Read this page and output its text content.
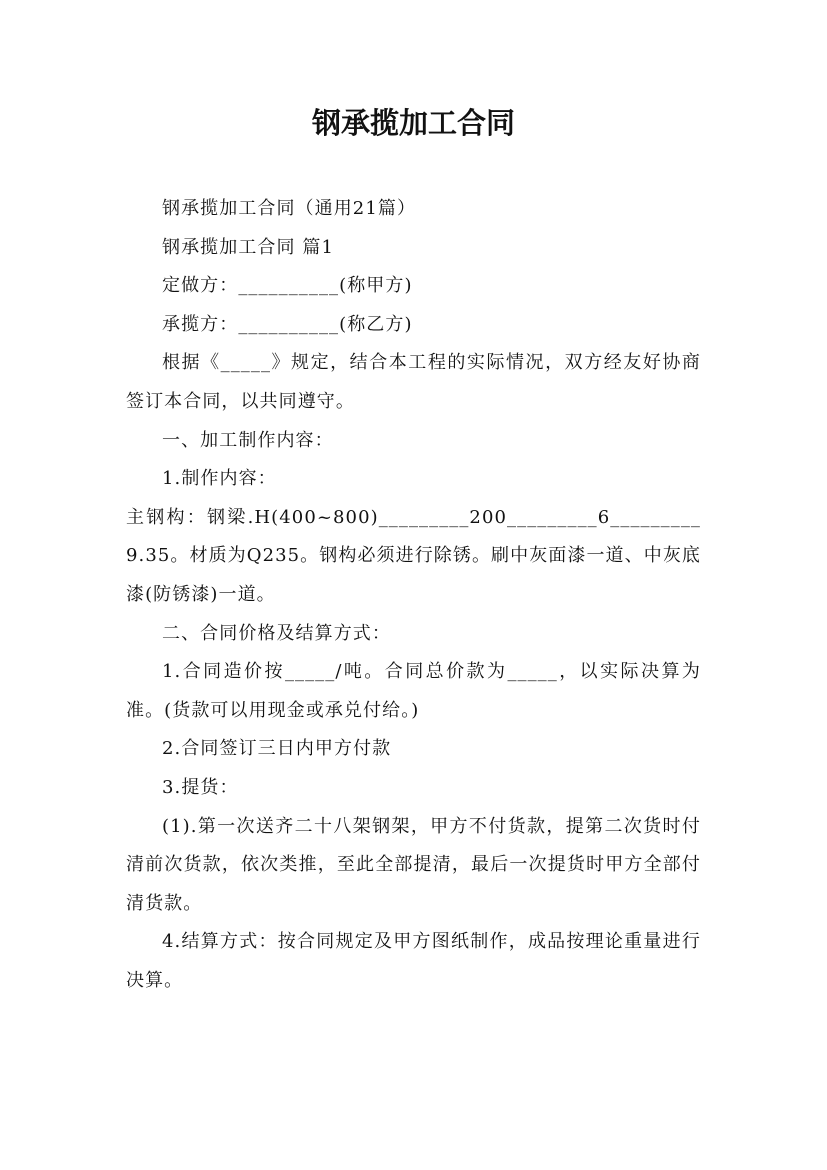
钢承揽加工合同

钢承揽加工合同（通用21篇）

钢承揽加工合同 篇1

定做方：__________(称甲方)

承揽方：__________(称乙方)

根据《_____》规定，结合本工程的实际情况，双方经友好协商签订本合同，以共同遵守。

一、加工制作内容：

1.制作内容：

主钢构：钢梁.H(400~800)_________200_________6_________9.35。材质为Q235。钢构必须进行除锈。刷中灰面漆一道、中灰底漆(防锈漆)一道。

二、合同价格及结算方式：

1.合同造价按_____/吨。合同总价款为_____，以实际决算为准。(货款可以用现金或承兑付给。)

2.合同签订三日内甲方付款

3.提货：

(1).第一次送齐二十八架钢架，甲方不付货款，提第二次货时付清前次货款，依次类推，至此全部提清，最后一次提货时甲方全部付清货款。

4.结算方式：按合同规定及甲方图纸制作，成品按理论重量进行决算。
